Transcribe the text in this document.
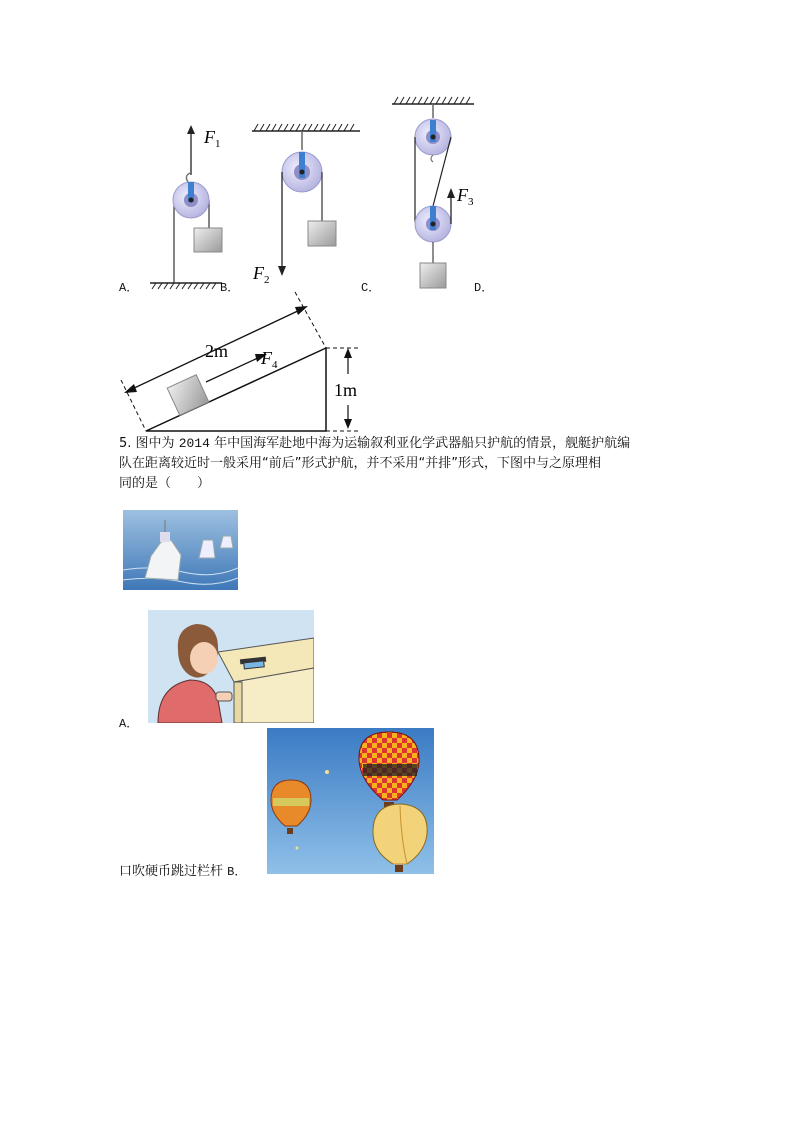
$F_1$
$F_2$
$F_3$
A．	B．	C．	D．
1m
2m $F_4$
5. 图中为 2014 年中国海军赴地中海为运输叙利亚化学武器船只护航的情景，舰艇护航编
队在距离较近时一般采用“前后”形式护航，并不采用“并排”形式，下图中与之原理相
同的是（　　）
A．
口吹硬币跳过栏杆 B．
